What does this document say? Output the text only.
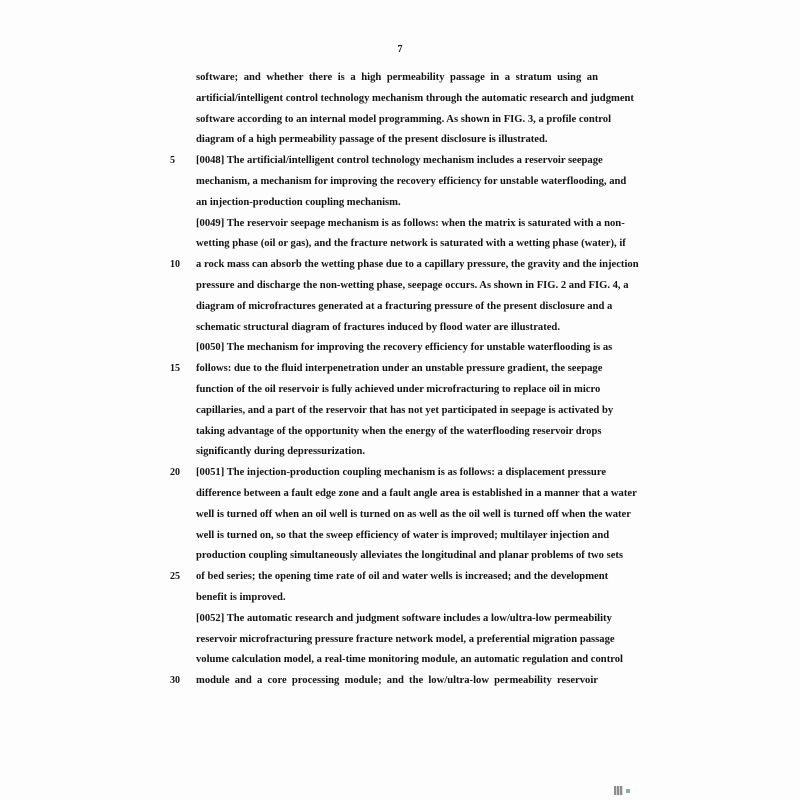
7
software; and whether there is a high permeability passage in a stratum using an
artificial/intelligent control technology mechanism through the automatic research and judgment
software according to an internal model programming. As shown in FIG. 3, a profile control
diagram of a high permeability passage of the present disclosure is illustrated.
5	[0048] The artificial/intelligent control technology mechanism includes a reservoir seepage
mechanism, a mechanism for improving the recovery efficiency for unstable waterflooding, and
an injection-production coupling mechanism.
[0049] The reservoir seepage mechanism is as follows: when the matrix is saturated with a non-
wetting phase (oil or gas), and the fracture network is saturated with a wetting phase (water), if
10	a rock mass can absorb the wetting phase due to a capillary pressure, the gravity and the injection
pressure and discharge the non-wetting phase, seepage occurs. As shown in FIG. 2 and FIG. 4, a
diagram of microfractures generated at a fracturing pressure of the present disclosure and a
schematic structural diagram of fractures induced by flood water are illustrated.
[0050] The mechanism for improving the recovery efficiency for unstable waterflooding is as
15	follows: due to the fluid interpenetration under an unstable pressure gradient, the seepage
function of the oil reservoir is fully achieved under microfracturing to replace oil in micro
capillaries, and a part of the reservoir that has not yet participated in seepage is activated by
taking advantage of the opportunity when the energy of the waterflooding reservoir drops
significantly during depressurization.
20	[0051] The injection-production coupling mechanism is as follows: a displacement pressure
difference between a fault edge zone and a fault angle area is established in a manner that a water
well is turned off when an oil well is turned on as well as the oil well is turned off when the water
well is turned on, so that the sweep efficiency of water is improved; multilayer injection and
production coupling simultaneously alleviates the longitudinal and planar problems of two sets
25	of bed series; the opening time rate of oil and water wells is increased; and the development
benefit is improved.
[0052] The automatic research and judgment software includes a low/ultra-low permeability
reservoir microfracturing pressure fracture network model, a preferential migration passage
volume calculation model, a real-time monitoring module, an automatic regulation and control
30	module and a core processing module; and the low/ultra-low permeability reservoir
